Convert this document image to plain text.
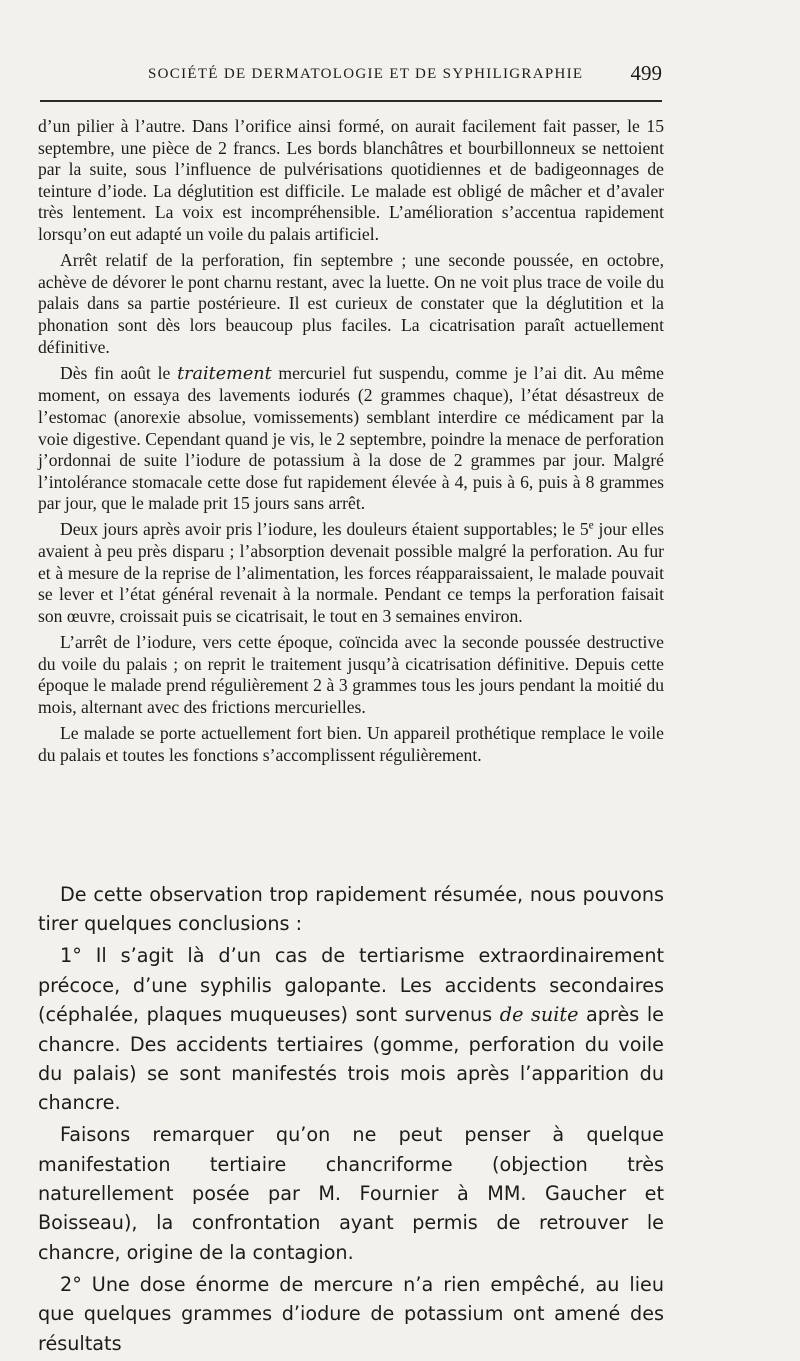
SOCIÉTÉ DE DERMATOLOGIE ET DE SYPHILIGRAPHIE 499

d’un pilier à l’autre. Dans l’orifice ainsi formé, on aurait facilement fait passer, le 15 septembre, une pièce de 2 francs. Les bords blanchâtres et bourbillonneux se nettoient par la suite, sous l’influence de pulvérisations quotidiennes et de badigeonnages de teinture d’iode. La déglutition est difficile. Le malade est obligé de mâcher et d’avaler très lentement. La voix est incompréhensible. L’amélioration s’accentua rapidement lorsqu’on eut adapté un voile du palais artificiel.

Arrêt relatif de la perforation, fin septembre ; une seconde poussée, en octobre, achève de dévorer le pont charnu restant, avec la luette. On ne voit plus trace de voile du palais dans sa partie postérieure. Il est curieux de constater que la déglutition et la phonation sont dès lors beaucoup plus faciles. La cicatrisation paraît actuellement définitive.

Dès fin août le traitement mercuriel fut suspendu, comme je l’ai dit. Au même moment, on essaya des lavements iodurés (2 grammes chaque), l’état désastreux de l’estomac (anorexie absolue, vomissements) semblant interdire ce médicament par la voie digestive. Cependant quand je vis, le 2 septembre, poindre la menace de perforation j’ordonnai de suite l’iodure de potassium à la dose de 2 grammes par jour. Malgré l’intolérance stomacale cette dose fut rapidement élevée à 4, puis à 6, puis à 8 grammes par jour, que le malade prit 15 jours sans arrêt.

Deux jours après avoir pris l’iodure, les douleurs étaient supportables; le 5e jour elles avaient à peu près disparu ; l’absorption devenait possible malgré la perforation. Au fur et à mesure de la reprise de l’alimentation, les forces réapparaissaient, le malade pouvait se lever et l’état général revenait à la normale. Pendant ce temps la perforation faisait son œuvre, croissait puis se cicatrisait, le tout en 3 semaines environ.

L’arrêt de l’iodure, vers cette époque, coïncida avec la seconde poussée destructive du voile du palais ; on reprit le traitement jusqu’à cicatrisation définitive. Depuis cette époque le malade prend régulièrement 2 à 3 grammes tous les jours pendant la moitié du mois, alternant avec des frictions mercurielles.

Le malade se porte actuellement fort bien. Un appareil prothétique remplace le voile du palais et toutes les fonctions s’accomplissent régulièrement.

De cette observation trop rapidement résumée, nous pouvons tirer quelques conclusions :

1° Il s’agit là d’un cas de tertiarisme extraordinairement précoce, d’une syphilis galopante. Les accidents secondaires (céphalée, plaques muqueuses) sont survenus de suite après le chancre. Des accidents tertiaires (gomme, perforation du voile du palais) se sont manifestés trois mois après l’apparition du chancre.

Faisons remarquer qu’on ne peut penser à quelque manifestation tertiaire chancriforme (objection très naturellement posée par M. Fournier à MM. Gaucher et Boisseau), la confrontation ayant permis de retrouver le chancre, origine de la contagion.

2° Une dose énorme de mercure n’a rien empêché, au lieu que quelques grammes d’iodure de potassium ont amené des résultats
